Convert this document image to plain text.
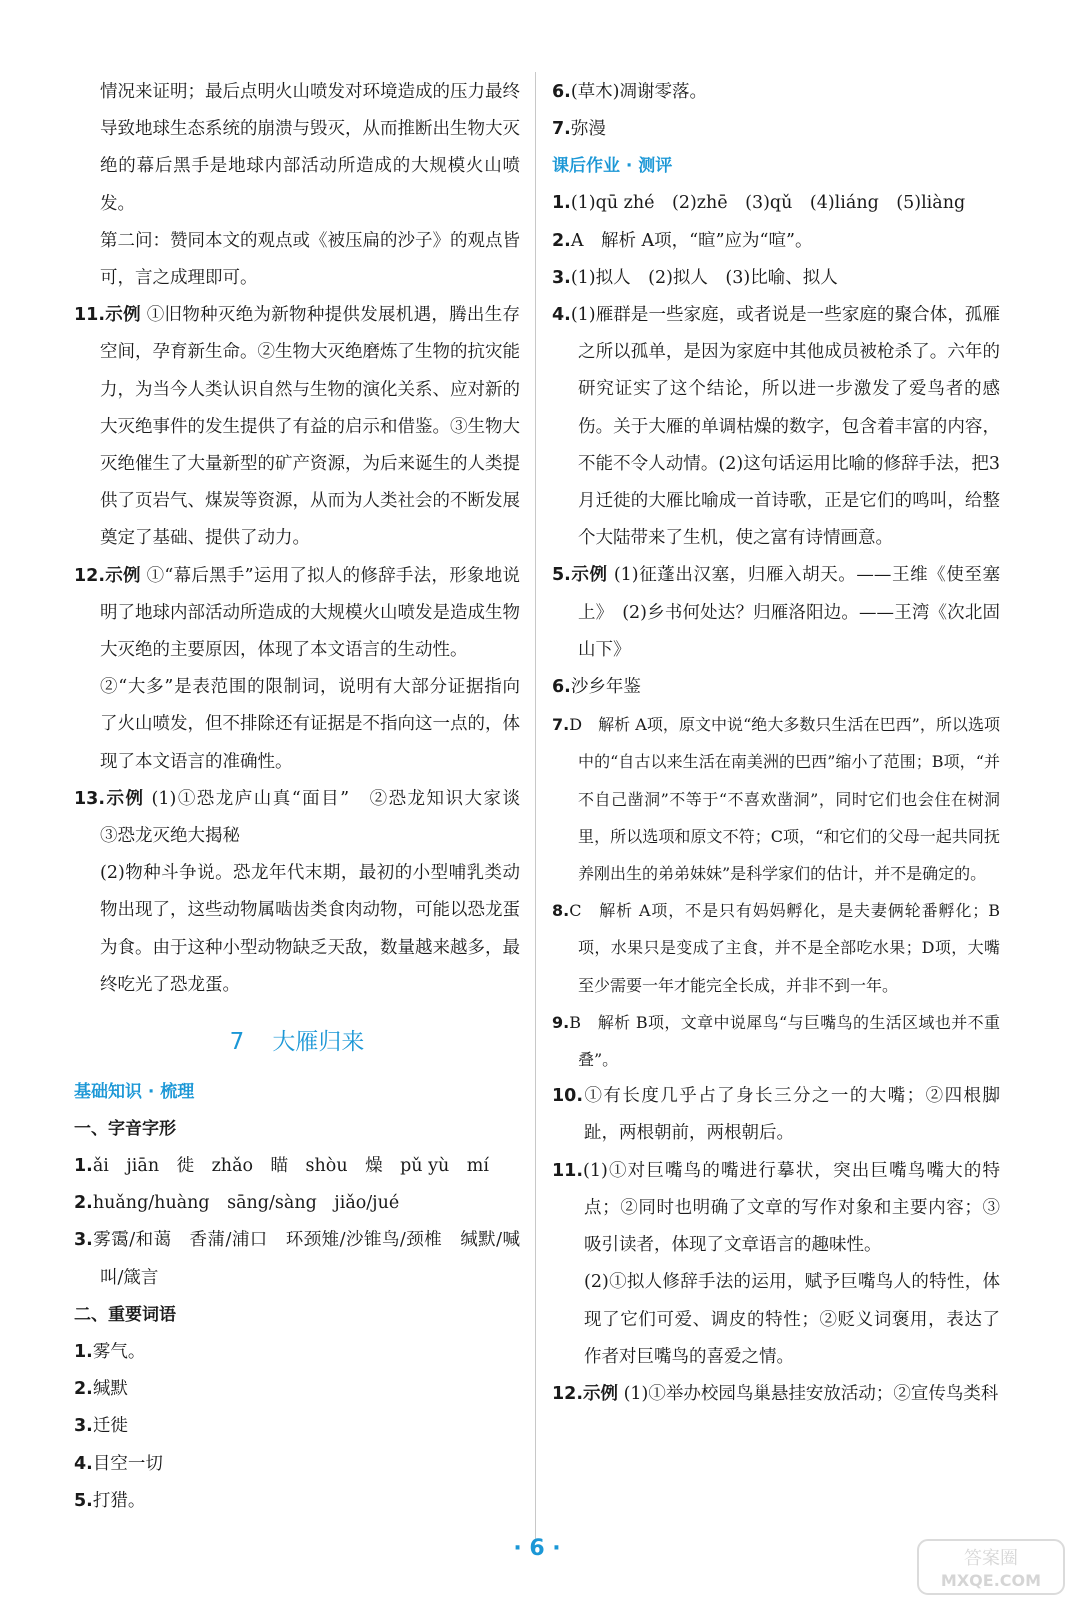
情况来证明；最后点明火山喷发对环境造成的压力最终导致地球生态系统的崩溃与毁灭，从而推断出生物大灭绝的幕后黑手是地球内部活动所造成的大规模火山喷发。

第二问：赞同本文的观点或《被压扁的沙子》的观点皆可，言之成理即可。

11.示例 ①旧物种灭绝为新物种提供发展机遇，腾出生存空间，孕育新生命。②生物大灭绝磨炼了生物的抗灾能力，为当今人类认识自然与生物的演化关系、应对新的大灭绝事件的发生提供了有益的启示和借鉴。③生物大灭绝催生了大量新型的矿产资源，为后来诞生的人类提供了页岩气、煤炭等资源，从而为人类社会的不断发展奠定了基础、提供了动力。

12.示例 ①“幕后黑手”运用了拟人的修辞手法，形象地说明了地球内部活动所造成的大规模火山喷发是造成生物大灭绝的主要原因，体现了本文语言的生动性。

②“大多”是表范围的限制词，说明有大部分证据指向了火山喷发，但不排除还有证据是不指向这一点的，体现了本文语言的准确性。

13.示例 (1)①恐龙庐山真“面目”　②恐龙知识大家谈　③恐龙灭绝大揭秘

(2)物种斗争说。恐龙年代末期，最初的小型哺乳类动物出现了，这些动物属啮齿类食肉动物，可能以恐龙蛋为食。由于这种小型动物缺乏天敌，数量越来越多，最终吃光了恐龙蛋。

7 大雁归来
基础知识 · 梳理
一、字音字形

1.ǎi　jiān　徙　zhǎo　瞄　shòu　燥　pǔ yù　mí

2.huǎng/huàng　sāng/sàng　jiǎo/jué

3.雾霭/和蔼　香蒲/浦口　环颈雉/沙锥鸟/颈椎　缄默/喊叫/箴言

二、重要词语

1.雾气。

2.缄默

3.迁徙

4.目空一切

5.打猎。

6.(草木)凋谢零落。

7.弥漫

课后作业 · 测评

1.(1)qū zhé　(2)zhē　(3)qǔ　(4)liáng　(5)liàng

2.A　解析 A项，“暄”应为“喧”。

3.(1)拟人　(2)拟人　(3)比喻、拟人

4.(1)雁群是一些家庭，或者说是一些家庭的聚合体，孤雁之所以孤单，是因为家庭中其他成员被枪杀了。六年的研究证实了这个结论，所以进一步激发了爱鸟者的感伤。关于大雁的单调枯燥的数字，包含着丰富的内容，不能不令人动情。(2)这句话运用比喻的修辞手法，把3月迁徙的大雁比喻成一首诗歌，正是它们的鸣叫，给整个大陆带来了生机，使之富有诗情画意。

5.示例 (1)征蓬出汉塞，归雁入胡天。——王维《使至塞上》　(2)乡书何处达？归雁洛阳边。——王湾《次北固山下》

6.沙乡年鉴

7.D　解析 A项，原文中说“绝大多数只生活在巴西”，所以选项中的“自古以来生活在南美洲的巴西”缩小了范围；B项，“并不自己凿洞”不等于“不喜欢凿洞”，同时它们也会住在树洞里，所以选项和原文不符；C项，“和它们的父母一起共同抚养刚出生的弟弟妹妹”是科学家们的估计，并不是确定的。

8.C　解析 A项，不是只有妈妈孵化，是夫妻俩轮番孵化；B项，水果只是变成了主食，并不是全部吃水果；D项，大嘴至少需要一年才能完全长成，并非不到一年。

9.B　解析 B项，文章中说犀鸟“与巨嘴鸟的生活区域也并不重叠”。

10.①有长度几乎占了身长三分之一的大嘴；②四根脚趾，两根朝前，两根朝后。

11.(1)①对巨嘴鸟的嘴进行摹状，突出巨嘴鸟嘴大的特点；②同时也明确了文章的写作对象和主要内容；③吸引读者，体现了文章语言的趣味性。

(2)①拟人修辞手法的运用，赋予巨嘴鸟人的特性，体现了它们可爱、调皮的特性；②贬义词褒用，表达了作者对巨嘴鸟的喜爱之情。

12.示例 (1)①举办校园鸟巢悬挂安放活动；②宣传鸟类科

· 6 ·	答案圈
MXQE.COM
